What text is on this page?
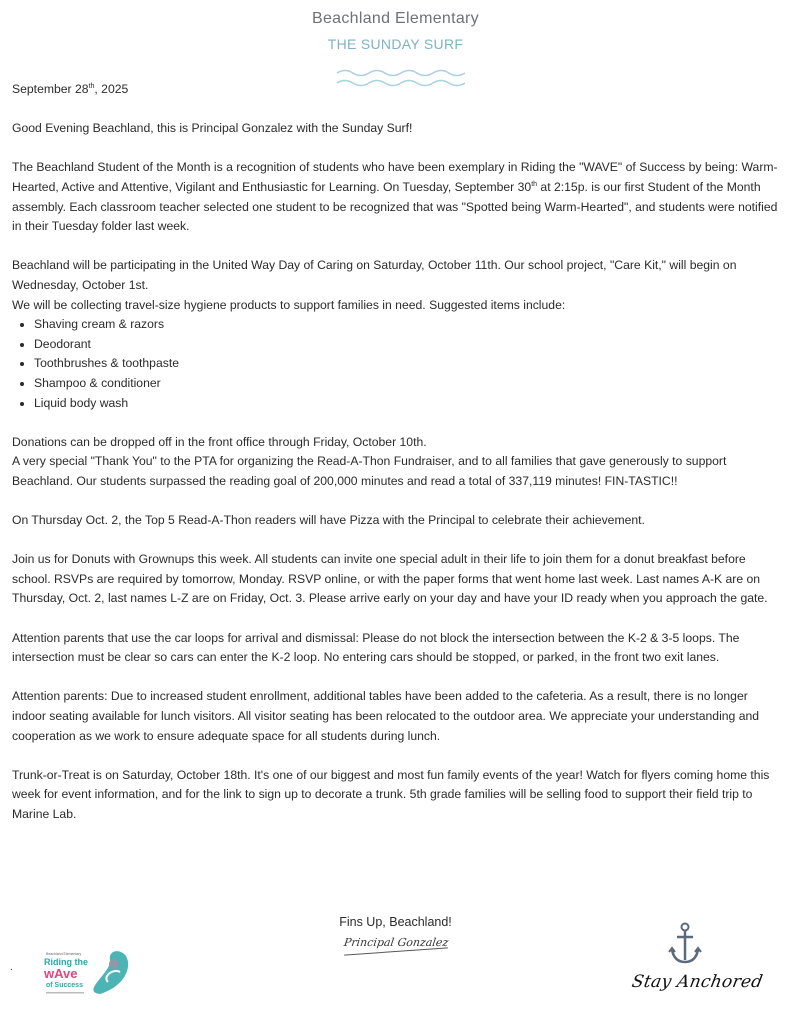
Beachland Elementary
THE SUNDAY SURF

September 28th, 2025

Good Evening Beachland, this is Principal Gonzalez with the Sunday Surf!

The Beachland Student of the Month is a recognition of students who have been exemplary in Riding the "WAVE" of Success by being: Warm-Hearted, Active and Attentive, Vigilant and Enthusiastic for Learning. On Tuesday, September 30th at 2:15p. is our first Student of the Month assembly. Each classroom teacher selected one student to be recognized that was "Spotted being Warm-Hearted", and students were notified in their Tuesday folder last week.

Beachland will be participating in the United Way Day of Caring on Saturday, October 11th. Our school project, "Care Kit," will begin on Wednesday, October 1st.

We will be collecting travel-size hygiene products to support families in need. Suggested items include:

• Shaving cream & razors
• Deodorant
• Toothbrushes & toothpaste
• Shampoo & conditioner
• Liquid body wash

Donations can be dropped off in the front office through Friday, October 10th.

A very special "Thank You" to the PTA for organizing the Read-A-Thon Fundraiser, and to all families that gave generously to support Beachland. Our students surpassed the reading goal of 200,000 minutes and read a total of 337,119 minutes! FIN-TASTIC!!

On Thursday Oct. 2, the Top 5 Read-A-Thon readers will have Pizza with the Principal to celebrate their achievement.

Join us for Donuts with Grownups this week. All students can invite one special adult in their life to join them for a donut breakfast before school. RSVPs are required by tomorrow, Monday. RSVP online, or with the paper forms that went home last week. Last names A-K are on Thursday, Oct. 2, last names L-Z are on Friday, Oct. 3. Please arrive early on your day and have your ID ready when you approach the gate.

Attention parents that use the car loops for arrival and dismissal: Please do not block the intersection between the K-2 & 3-5 loops. The intersection must be clear so cars can enter the K-2 loop. No entering cars should be stopped, or parked, in the front two exit lanes.

Attention parents: Due to increased student enrollment, additional tables have been added to the cafeteria. As a result, there is no longer indoor seating available for lunch visitors. All visitor seating has been relocated to the outdoor area. We appreciate your understanding and cooperation as we work to ensure adequate space for all students during lunch.

Trunk-or-Treat is on Saturday, October 18th. It's one of our biggest and most fun family events of the year! Watch for flyers coming home this week for event information, and for the link to sign up to decorate a trunk. 5th grade families will be selling food to support their field trip to Marine Lab.

Fins Up, Beachland!
Principal Gonzalez
.
Beachland Elementary
Riding the
wAve
of Success	Stay Anchored
